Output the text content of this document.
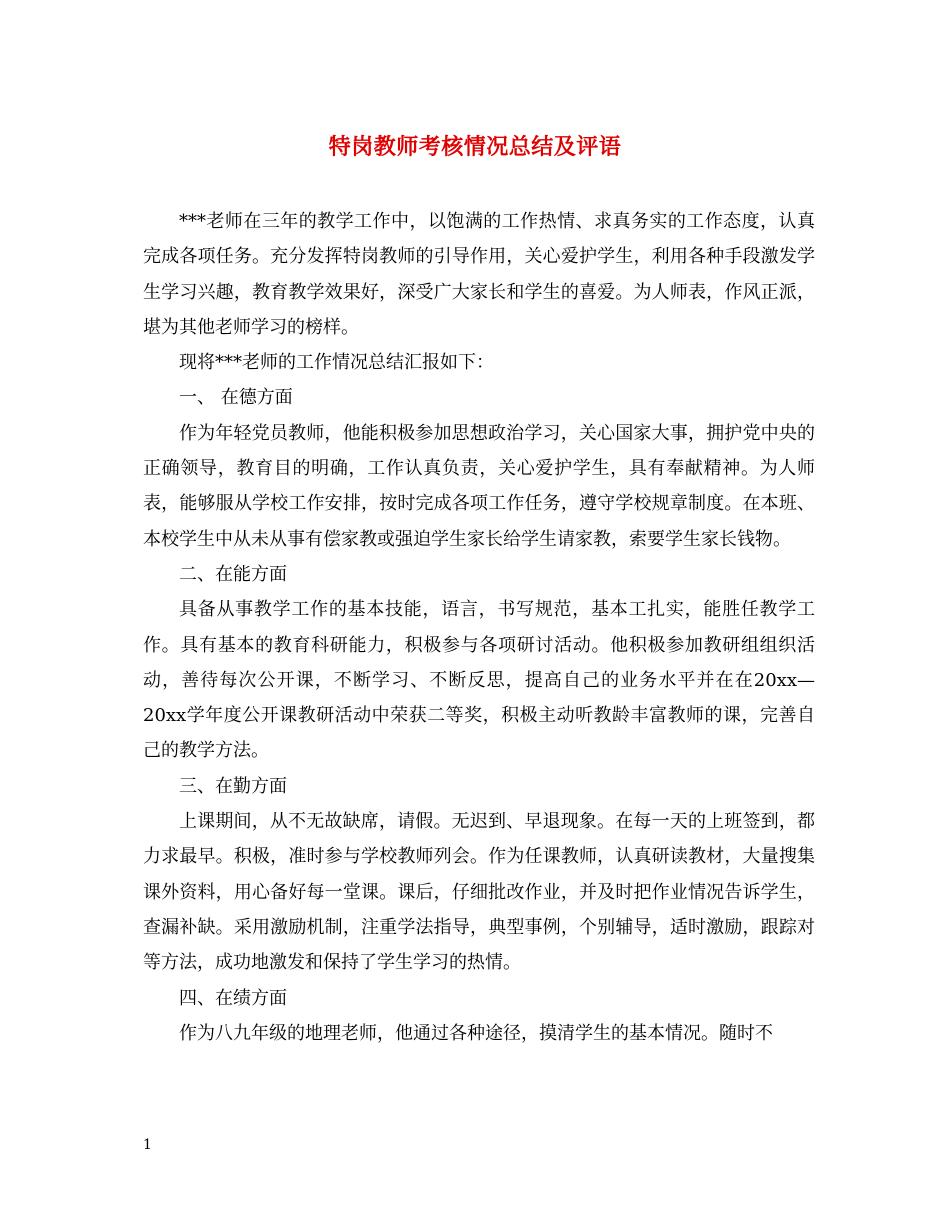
特岗教师考核情况总结及评语

***老师在三年的教学工作中，以饱满的工作热情、求真务实的工作态度，认真完成各项任务。充分发挥特岗教师的引导作用，关心爱护学生，利用各种手段激发学生学习兴趣，教育教学效果好，深受广大家长和学生的喜爱。为人师表，作风正派，堪为其他老师学习的榜样。

现将***老师的工作情况总结汇报如下：

一、 在德方面

作为年轻党员教师，他能积极参加思想政治学习，关心国家大事，拥护党中央的正确领导，教育目的明确，工作认真负责，关心爱护学生，具有奉献精神。为人师表，能够服从学校工作安排，按时完成各项工作任务，遵守学校规章制度。在本班、本校学生中从未从事有偿家教或强迫学生家长给学生请家教，索要学生家长钱物。

二、在能方面

具备从事教学工作的基本技能，语言，书写规范，基本工扎实，能胜任教学工作。具有基本的教育科研能力，积极参与各项研讨活动。他积极参加教研组组织活动，善待每次公开课，不断学习、不断反思，提高自己的业务水平并在在20xx—20xx学年度公开课教研活动中荣获二等奖，积极主动听教龄丰富教师的课，完善自己的教学方法。

三、在勤方面

上课期间，从不无故缺席，请假。无迟到、早退现象。在每一天的上班签到，都力求最早。积极，准时参与学校教师列会。作为任课教师，认真研读教材，大量搜集课外资料，用心备好每一堂课。课后，仔细批改作业，并及时把作业情况告诉学生，查漏补缺。采用激励机制，注重学法指导，典型事例，个别辅导，适时激励，跟踪对等方法，成功地激发和保持了学生学习的热情。

四、在绩方面

作为八九年级的地理老师，他通过各种途径，摸清学生的基本情况。随时不

1
